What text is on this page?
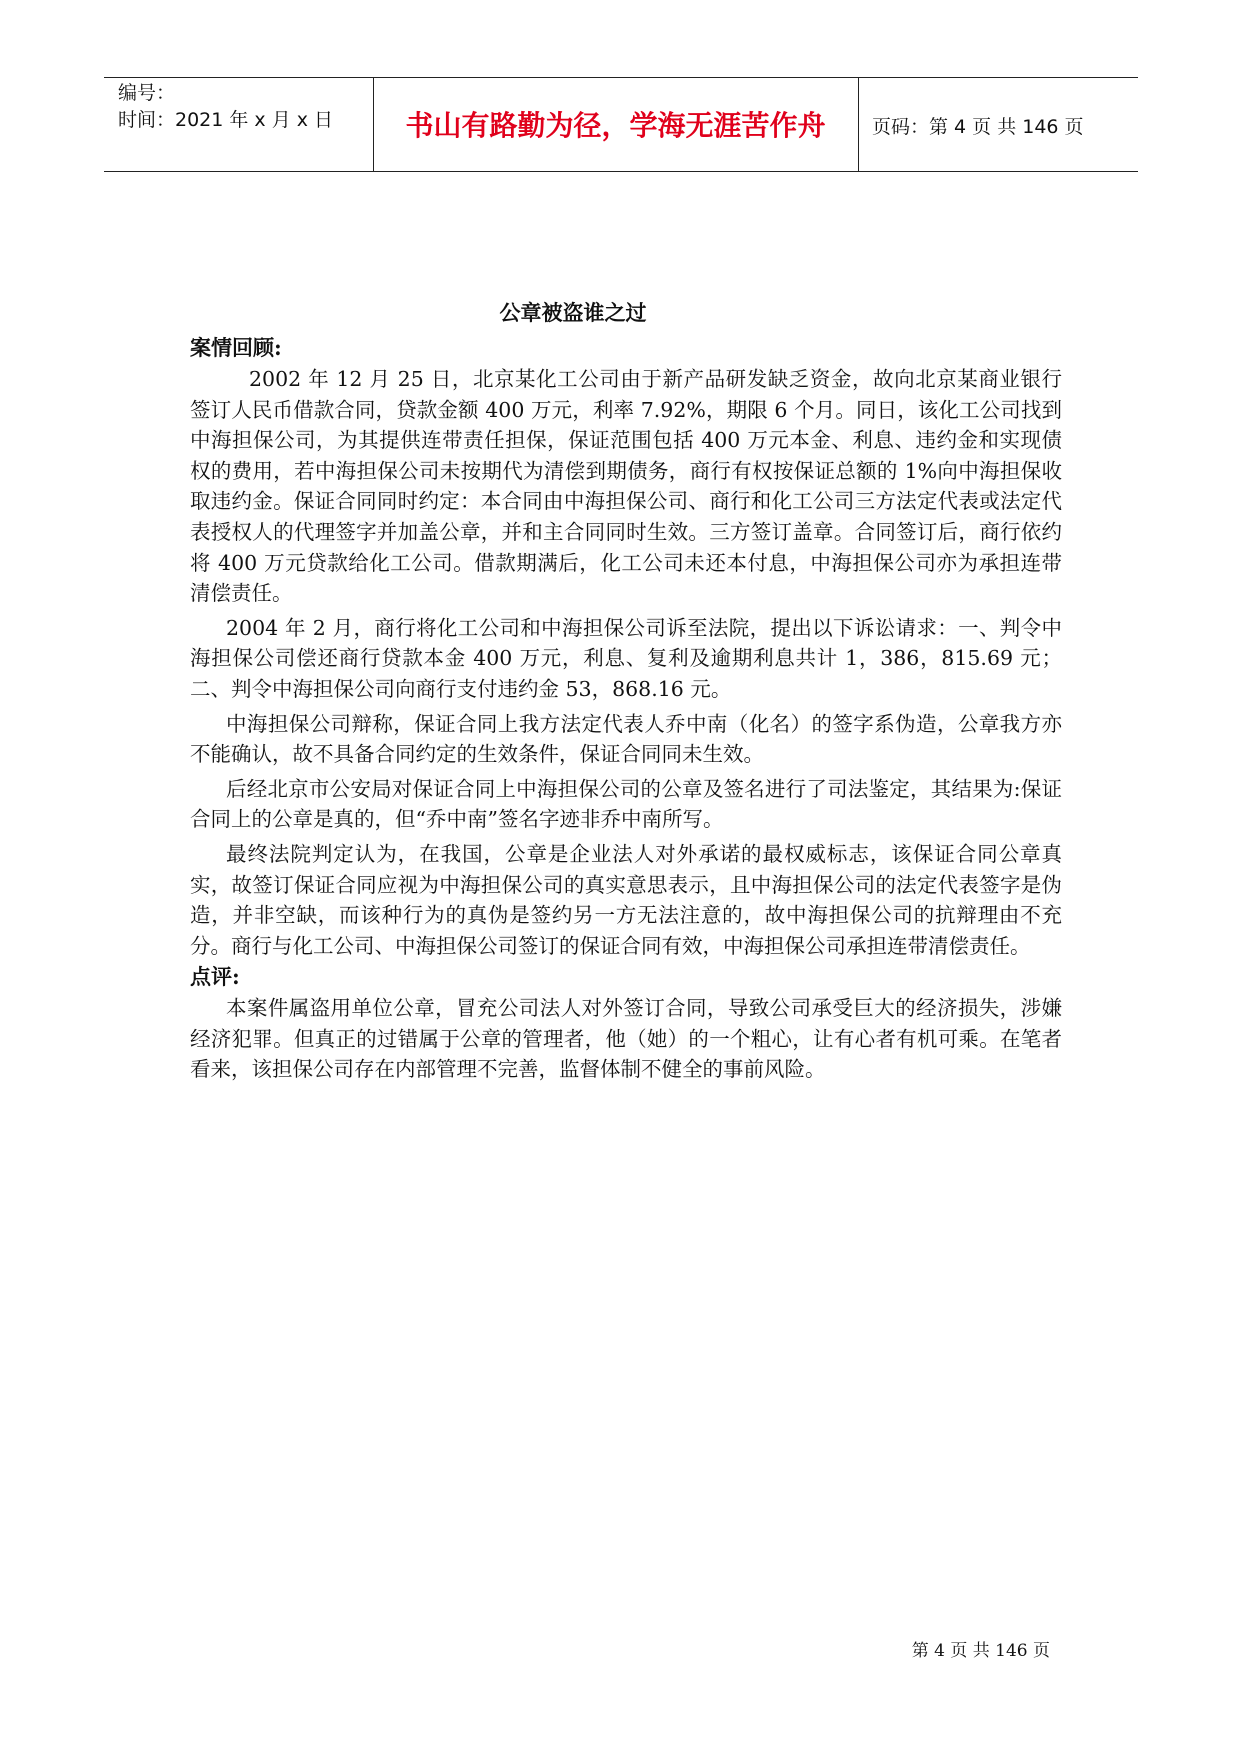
编号：
时间：2021 年 x 月 x 日	书山有路勤为径，学海无涯苦作舟	页码：第 4 页 共 146 页
公章被盗谁之过
案情回顾:
2002 年 12 月 25 日，北京某化工公司由于新产品研发缺乏资金，故向北京某商业银行签订人民币借款合同，贷款金额 400 万元，利率 7.92%，期限 6 个月。同日，该化工公司找到中海担保公司，为其提供连带责任担保，保证范围包括 400 万元本金、利息、违约金和实现债权的费用，若中海担保公司未按期代为清偿到期债务，商行有权按保证总额的 1%向中海担保收取违约金。保证合同同时约定：本合同由中海担保公司、商行和化工公司三方法定代表或法定代表授权人的代理签字并加盖公章，并和主合同同时生效。三方签订盖章。合同签订后，商行依约将 400 万元贷款给化工公司。借款期满后，化工公司未还本付息，中海担保公司亦为承担连带清偿责任。
2004 年 2 月，商行将化工公司和中海担保公司诉至法院，提出以下诉讼请求：一、判令中海担保公司偿还商行贷款本金 400 万元，利息、复利及逾期利息共计 1，386，815.69 元；二、判令中海担保公司向商行支付违约金 53，868.16 元。
中海担保公司辩称，保证合同上我方法定代表人乔中南（化名）的签字系伪造，公章我方亦不能确认，故不具备合同约定的生效条件，保证合同同未生效。
后经北京市公安局对保证合同上中海担保公司的公章及签名进行了司法鉴定，其结果为:保证合同上的公章是真的，但“乔中南”签名字迹非乔中南所写。
最终法院判定认为，在我国，公章是企业法人对外承诺的最权威标志，该保证合同公章真实，故签订保证合同应视为中海担保公司的真实意思表示，且中海担保公司的法定代表签字是伪造，并非空缺，而该种行为的真伪是签约另一方无法注意的，故中海担保公司的抗辩理由不充分。商行与化工公司、中海担保公司签订的保证合同有效，中海担保公司承担连带清偿责任。
点评:
本案件属盗用单位公章，冒充公司法人对外签订合同，导致公司承受巨大的经济损失，涉嫌经济犯罪。但真正的过错属于公章的管理者，他（她）的一个粗心，让有心者有机可乘。在笔者看来，该担保公司存在内部管理不完善，监督体制不健全的事前风险。
第 4 页 共 146 页
